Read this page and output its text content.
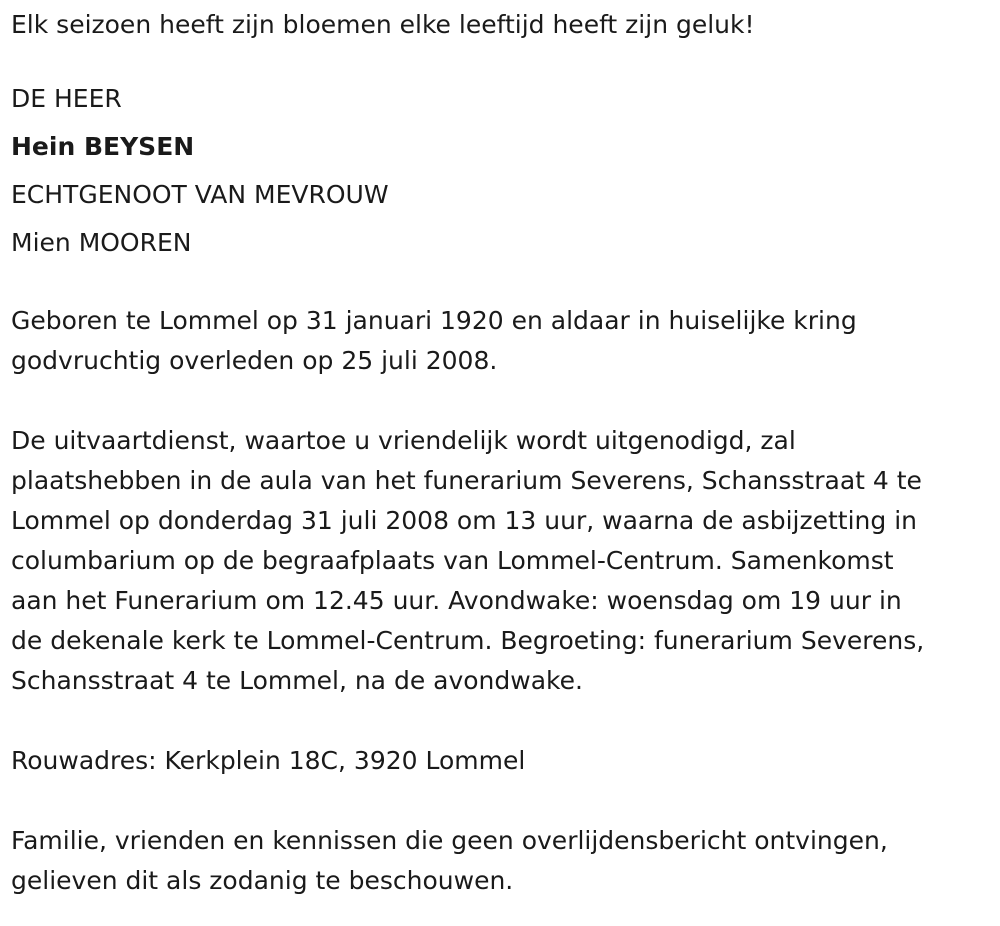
Elk seizoen heeft zijn bloemen elke leeftijd heeft zijn geluk!

DE HEER

Hein BEYSEN

ECHTGENOOT VAN MEVROUW

Mien MOOREN

Geboren te Lommel op 31 januari 1920 en aldaar in huiselijke kring

godvruchtig overleden op 25 juli 2008.

De uitvaartdienst, waartoe u vriendelijk wordt uitgenodigd, zal

plaatshebben in de aula van het funerarium Severens, Schansstraat 4 te

Lommel op donderdag 31 juli 2008 om 13 uur, waarna de asbijzetting in

columbarium op de begraafplaats van Lommel-Centrum. Samenkomst

aan het Funerarium om 12.45 uur. Avondwake: woensdag om 19 uur in

de dekenale kerk te Lommel-Centrum. Begroeting: funerarium Severens,

Schansstraat 4 te Lommel, na de avondwake.

Rouwadres: Kerkplein 18C, 3920 Lommel

Familie, vrienden en kennissen die geen overlijdensbericht ontvingen,

gelieven dit als zodanig te beschouwen.
